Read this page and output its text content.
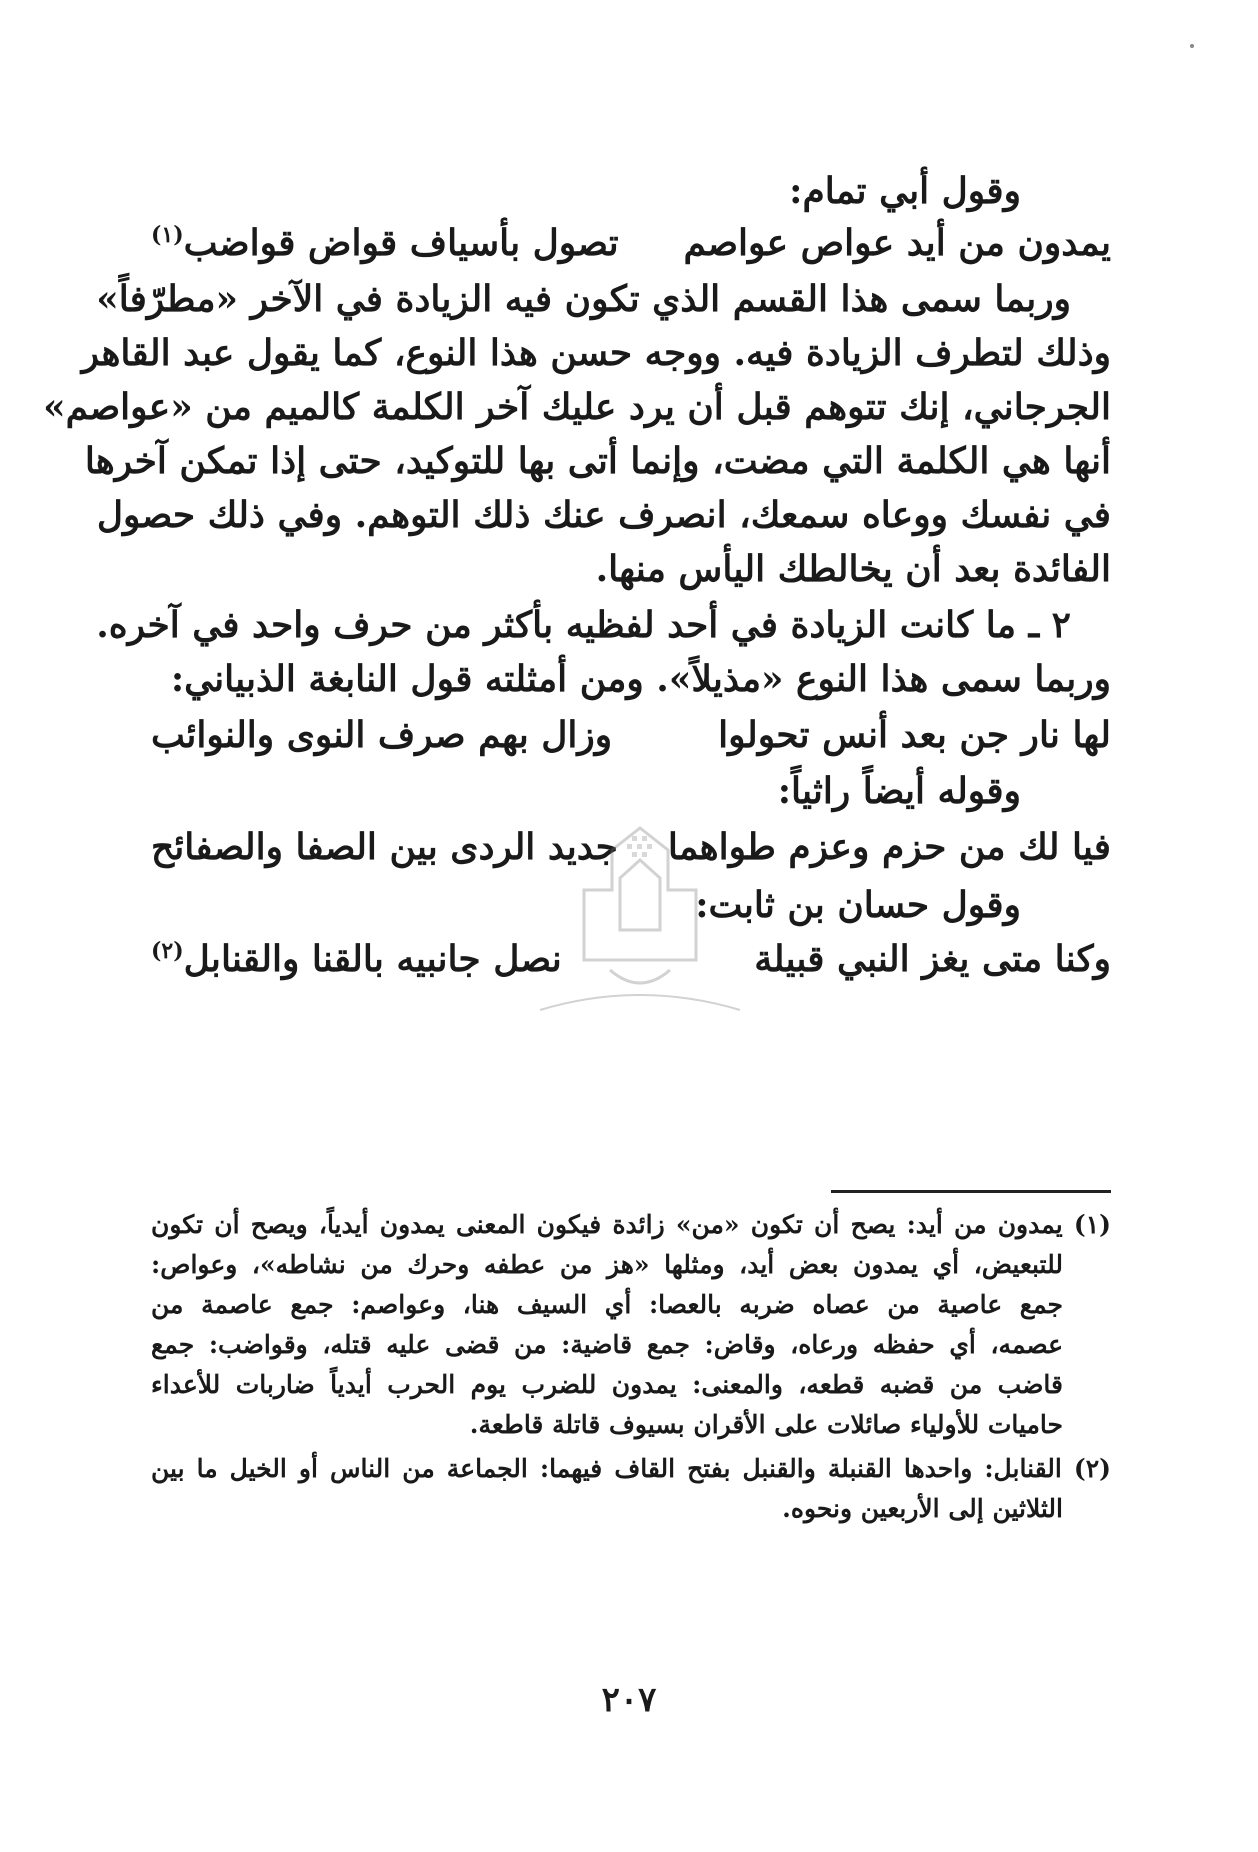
وقول أبي تمام:
يمدون من أيد عواص عواصم
تصول بأسياف قواض قواضب$^{(١)}$
وربما سمى هذا القسم الذي تكون فيه الزيادة في الآخر «مطرّفاً»
وذلك لتطرف الزيادة فيه. ووجه حسن هذا النوع، كما يقول عبد القاهر
الجرجاني، إنك تتوهم قبل أن يرد عليك آخر الكلمة كالميم من «عواصم»
أنها هي الكلمة التي مضت، وإنما أتى بها للتوكيد، حتى إذا تمكن آخرها
في نفسك ووعاه سمعك، انصرف عنك ذلك التوهم. وفي ذلك حصول
الفائدة بعد أن يخالطك اليأس منها.
٢ ـ ما كانت الزيادة في أحد لفظيه بأكثر من حرف واحد في آخره.
وربما سمى هذا النوع «مذيلاً». ومن أمثلته قول النابغة الذبياني:
لها نار جن بعد أنس تحولوا
وزال بهم صرف النوى والنوائب
وقوله أيضاً راثياً:
فيا لك من حزم وعزم طواهما
جديد الردى بين الصفا والصفائح
وقول حسان بن ثابت:
وكنا متى يغز النبي قبيلة
نصل جانبيه بالقنا والقنابل$^{(٢)}$
(١) يمدون من أيد: يصح أن تكون «من» زائدة فيكون المعنى يمدون أيدياً، ويصح أن تكون
للتبعيض، أي يمدون بعض أيد، ومثلها «هز من عطفه وحرك من نشاطه»، وعواص:
جمع عاصية من عصاه ضربه بالعصا: أي السيف هنا، وعواصم: جمع عاصمة من
عصمه، أي حفظه ورعاه، وقاض: جمع قاضية: من قضى عليه قتله، وقواضب: جمع
قاضب من قضبه قطعه، والمعنى: يمدون للضرب يوم الحرب أيدياً ضاربات للأعداء
حاميات للأولياء صائلات على الأقران بسيوف قاتلة قاطعة.
(٢) القنابل: واحدها القنبلة والقنبل بفتح القاف فيهما: الجماعة من الناس أو الخيل ما بين
الثلاثين إلى الأربعين ونحوه.
٢٠٧
